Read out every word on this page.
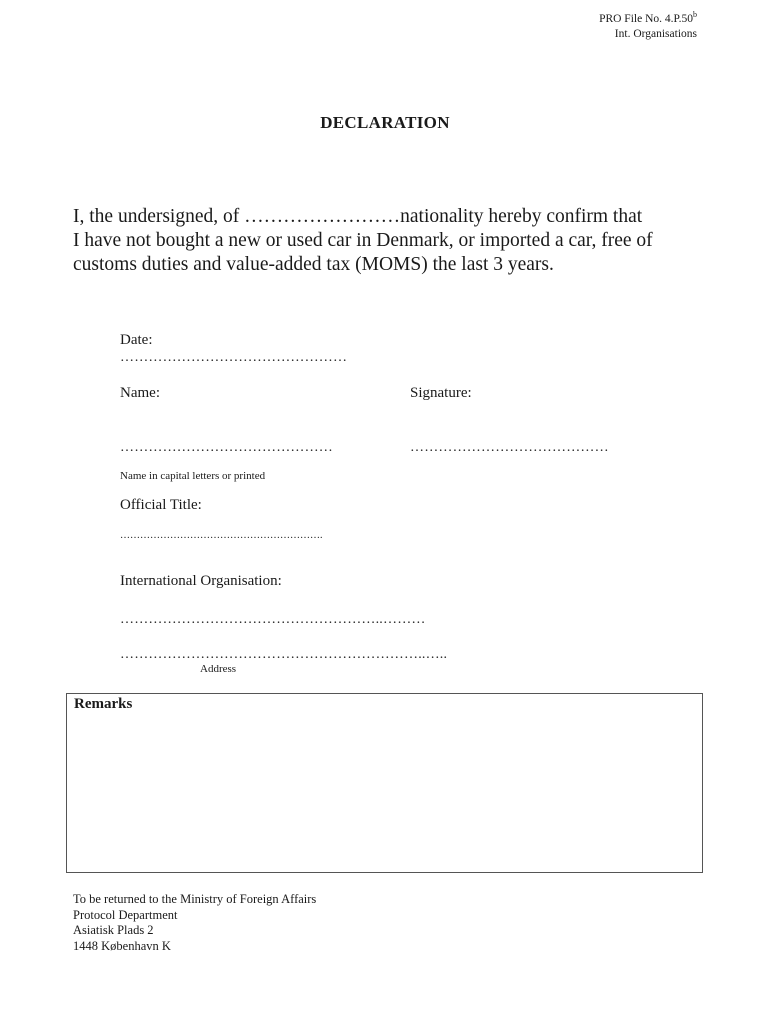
PRO File No. 4.P.50$^b$
Int. Organisations
DECLARATION
I, the undersigned, of ……………………nationality hereby confirm that
I have not bought a new or used car in Denmark, or imported a car, free of
customs duties and value-added tax (MOMS) the last 3 years.
Date:
…………………………………………
Name:	Signature:
………………………………………	……………………………………
Name in capital letters or printed
Official Title:
…………………………………………………….
International Organisation:
………………………………………………..………
………………………………………………………..…..
Address
Remarks
To be returned to the Ministry of Foreign Affairs
Protocol Department
Asiatisk Plads 2
1448 København K
